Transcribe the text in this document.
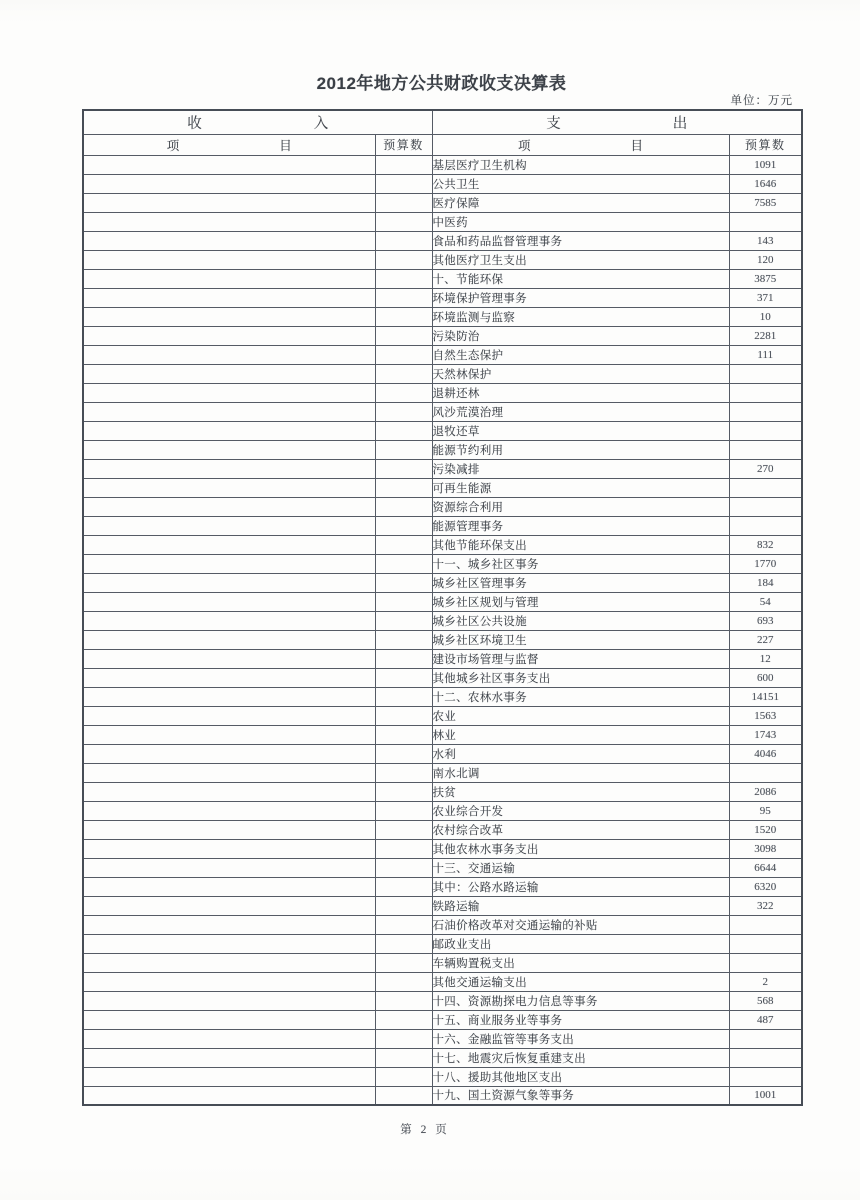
2012年地方公共财政收支决算表
单位：万元
收 入		支 出	

项 目	预算数	项 目	预算数
		基层医疗卫生机构	1091
		公共卫生	1646
		医疗保障	7585
		中医药	
		食品和药品监督管理事务	143
		其他医疗卫生支出	120
		十、节能环保	3875
		环境保护管理事务	371
		环境监测与监察	10
		污染防治	2281
		自然生态保护	111
		天然林保护	
		退耕还林	
		风沙荒漠治理	
		退牧还草	
		能源节约利用	
		污染减排	270
		可再生能源	
		资源综合利用	
		能源管理事务	
		其他节能环保支出	832
		十一、城乡社区事务	1770
		城乡社区管理事务	184
		城乡社区规划与管理	54
		城乡社区公共设施	693
		城乡社区环境卫生	227
		建设市场管理与监督	12
		其他城乡社区事务支出	600
		十二、农林水事务	14151
		农业	1563
		林业	1743
		水利	4046
		南水北调	
		扶贫	2086
		农业综合开发	95
		农村综合改革	1520
		其他农林水事务支出	3098
		十三、交通运输	6644
		其中：公路水路运输	6320
		铁路运输	322
		石油价格改革对交通运输的补贴	
		邮政业支出	
		车辆购置税支出	
		其他交通运输支出	2
		十四、资源勘探电力信息等事务	568
		十五、商业服务业等事务	487
		十六、金融监管等事务支出	
		十七、地震灾后恢复重建支出	
		十八、援助其他地区支出	
		十九、国土资源气象等事务	1001
第 2 页
